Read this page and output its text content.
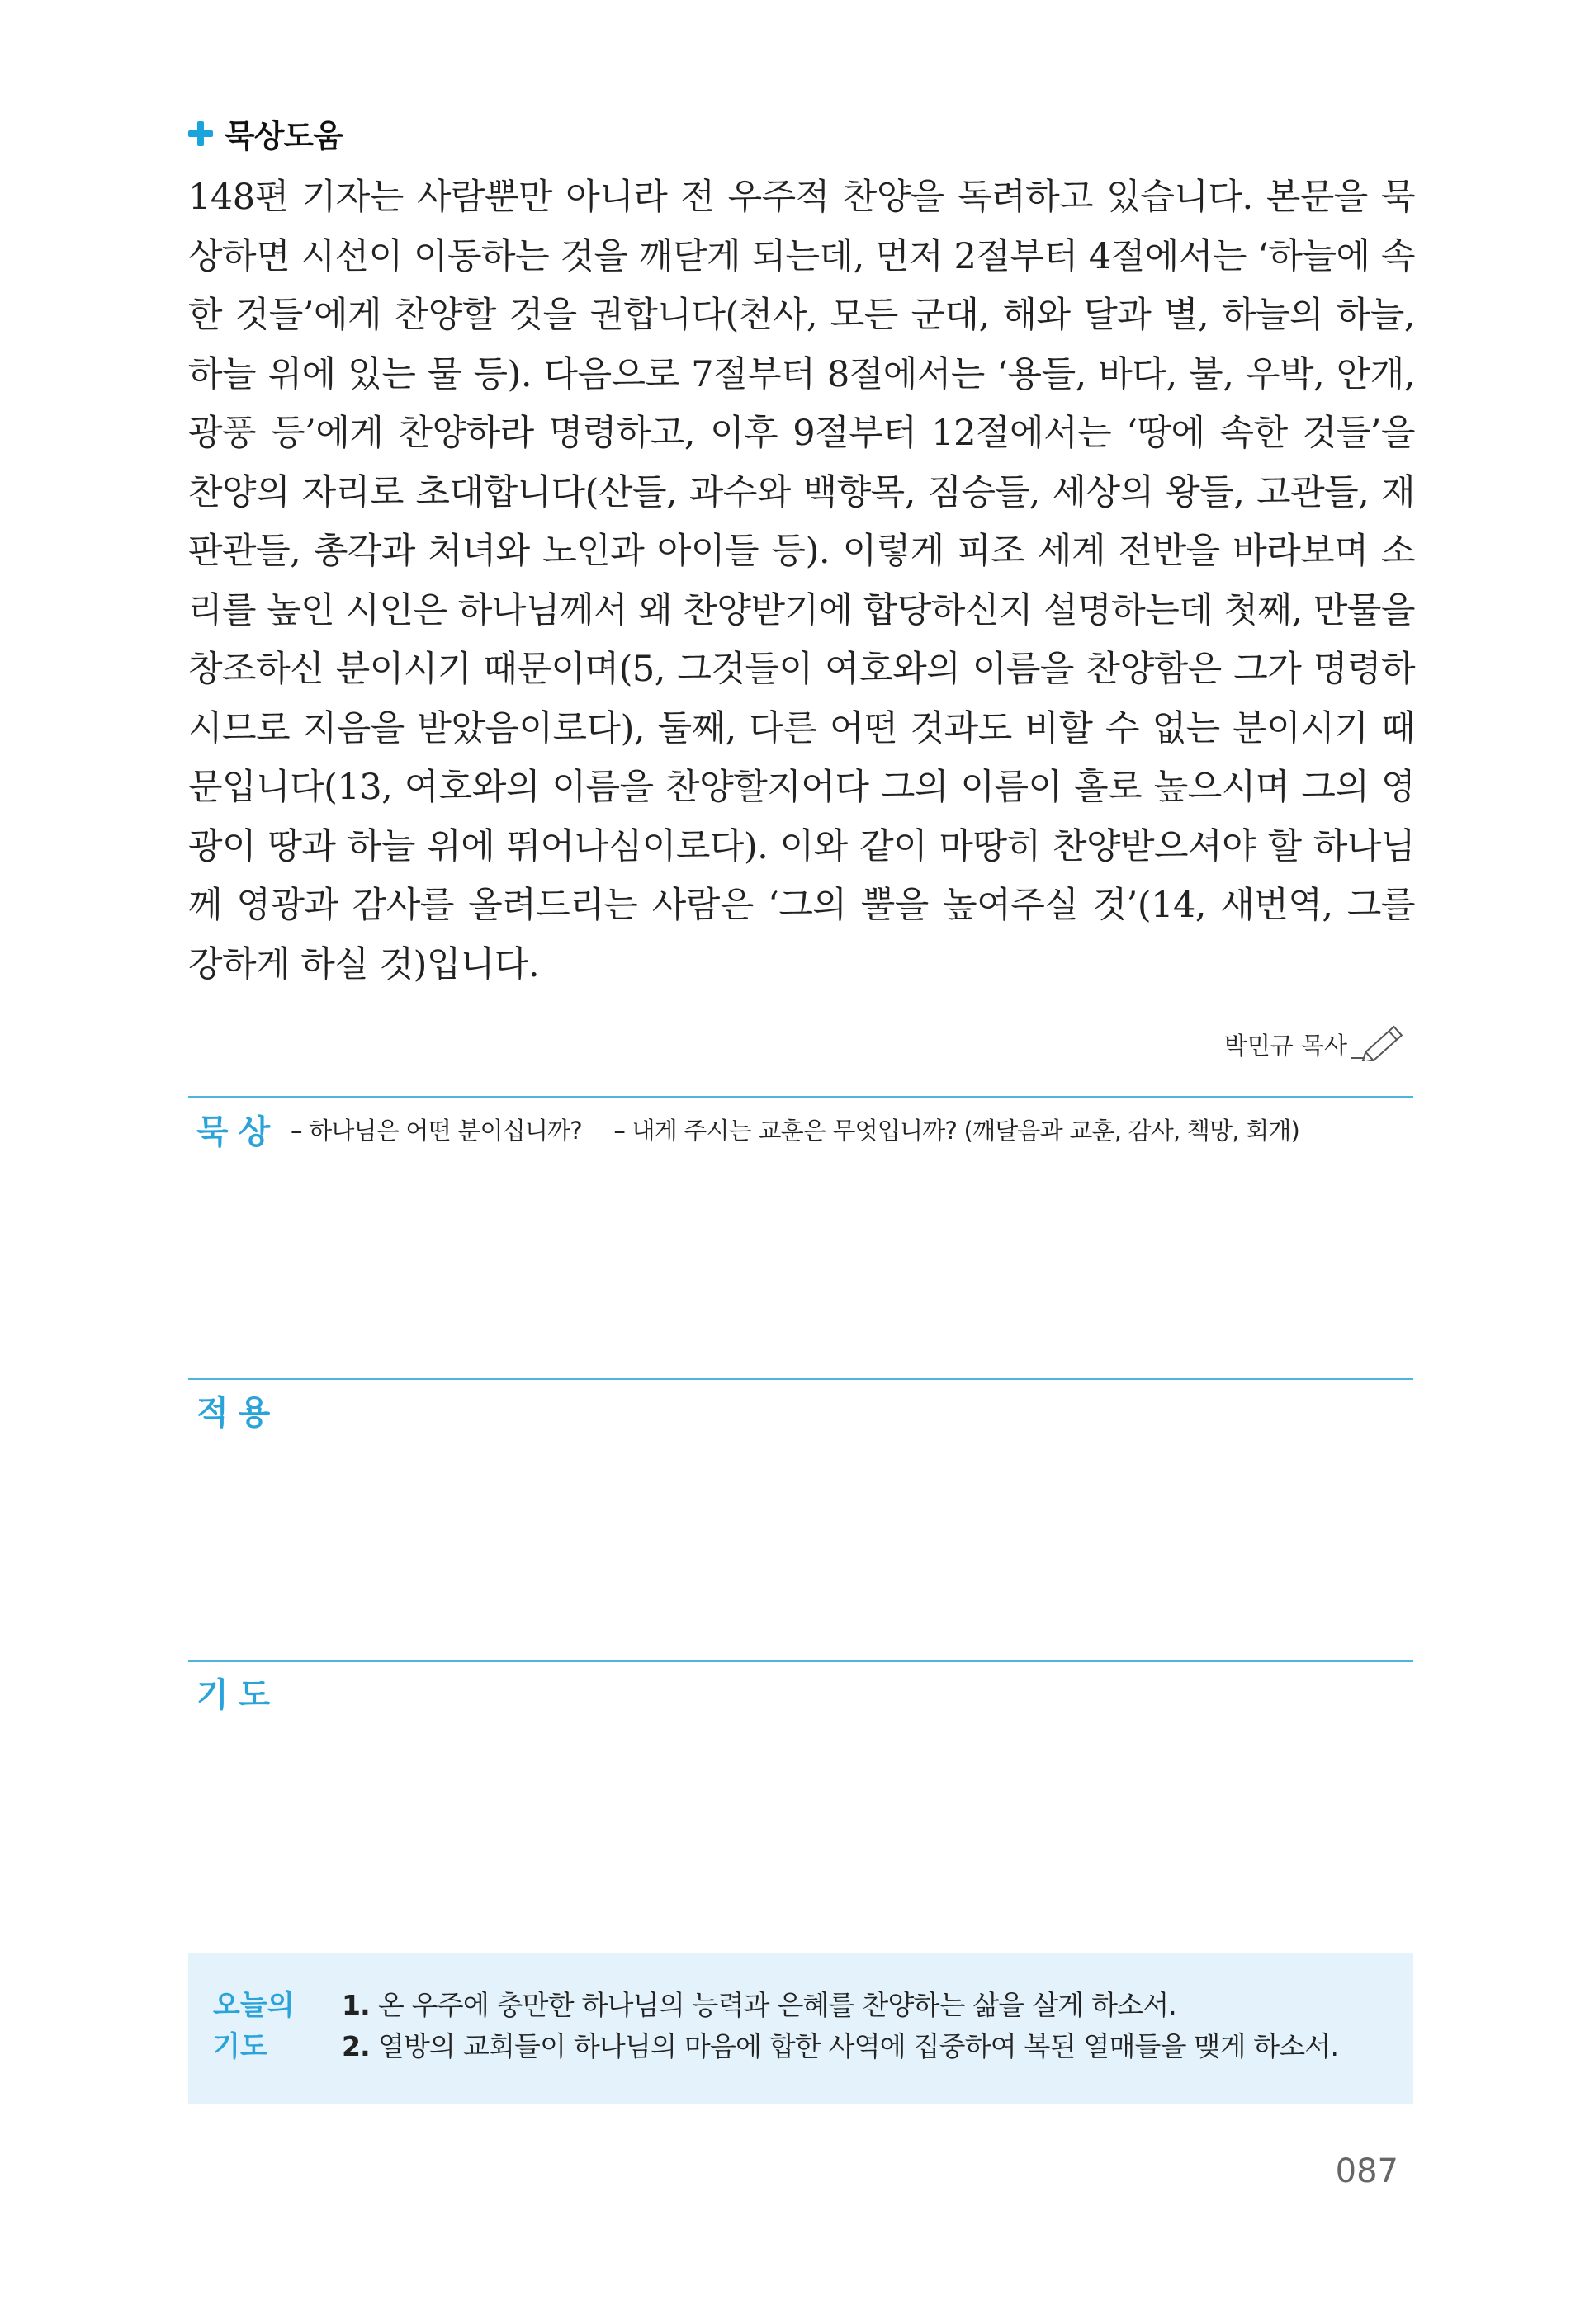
묵상도움
148편 기자는 사람뿐만 아니라 전 우주적 찬양을 독려하고 있습니다. 본문을 묵상하면 시선이 이동하는 것을 깨닫게 되는데, 먼저 2절부터 4절에서는 ‘하늘에 속한 것들’에게 찬양할 것을 권합니다(천사, 모든 군대, 해와 달과 별, 하늘의 하늘, 하늘 위에 있는 물 등). 다음으로 7절부터 8절에서는 ‘용들, 바다, 불, 우박, 안개, 광풍 등’에게 찬양하라 명령하고, 이후 9절부터 12절에서는 ‘땅에 속한 것들’을 찬양의 자리로 초대합니다(산들, 과수와 백향목, 짐승들, 세상의 왕들, 고관들, 재판관들, 총각과 처녀와 노인과 아이들 등). 이렇게 피조 세계 전반을 바라보며 소리를 높인 시인은 하나님께서 왜 찬양받기에 합당하신지 설명하는데 첫째, 만물을 창조하신 분이시기 때문이며(5, 그것들이 여호와의 이름을 찬양함은 그가 명령하시므로 지음을 받았음이로다), 둘째, 다른 어떤 것과도 비할 수 없는 분이시기 때문입니다(13, 여호와의 이름을 찬양할지어다 그의 이름이 홀로 높으시며 그의 영광이 땅과 하늘 위에 뛰어나심이로다). 이와 같이 마땅히 찬양받으셔야 할 하나님께 영광과 감사를 올려드리는 사람은 ‘그의 뿔을 높여주실 것’(14, 새번역, 그를 강하게 하실 것)입니다.
박민규 목사
묵상 – 하나님은 어떤 분이십니까? – 내게 주시는 교훈은 무엇입니까? (깨달음과 교훈, 감사, 책망, 회개)
적용
기도
오늘의
기도
1. 온 우주에 충만한 하나님의 능력과 은혜를 찬양하는 삶을 살게 하소서.
2. 열방의 교회들이 하나님의 마음에 합한 사역에 집중하여 복된 열매들을 맺게 하소서.
087
